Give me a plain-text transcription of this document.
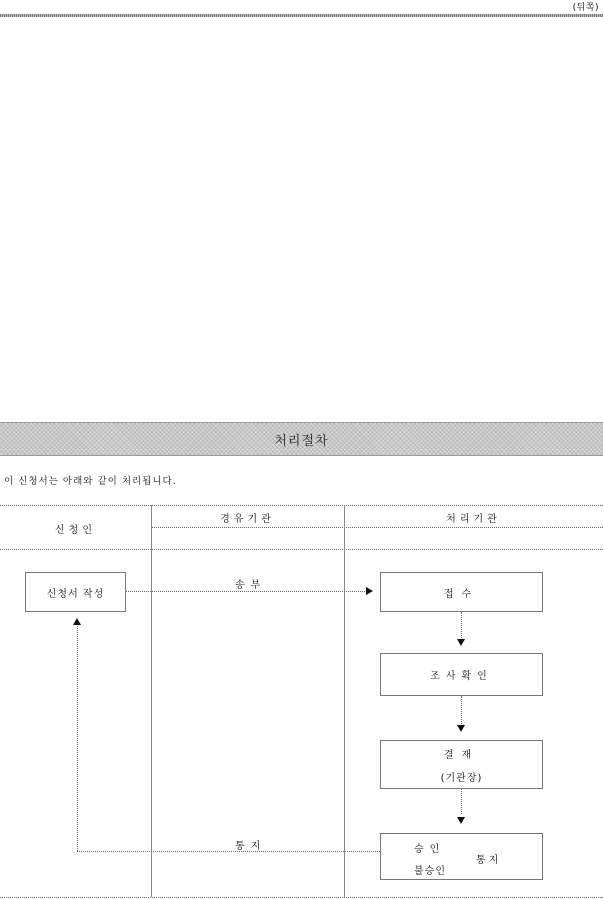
(뒤쪽)
처리절차
이 신청서는 아래와 같이 처리됩니다.
신청인
경유기관	처리기관
신청서 작성
송부
접수
조사확인
결재
(기관장)
승인
불승인
통지
통지
